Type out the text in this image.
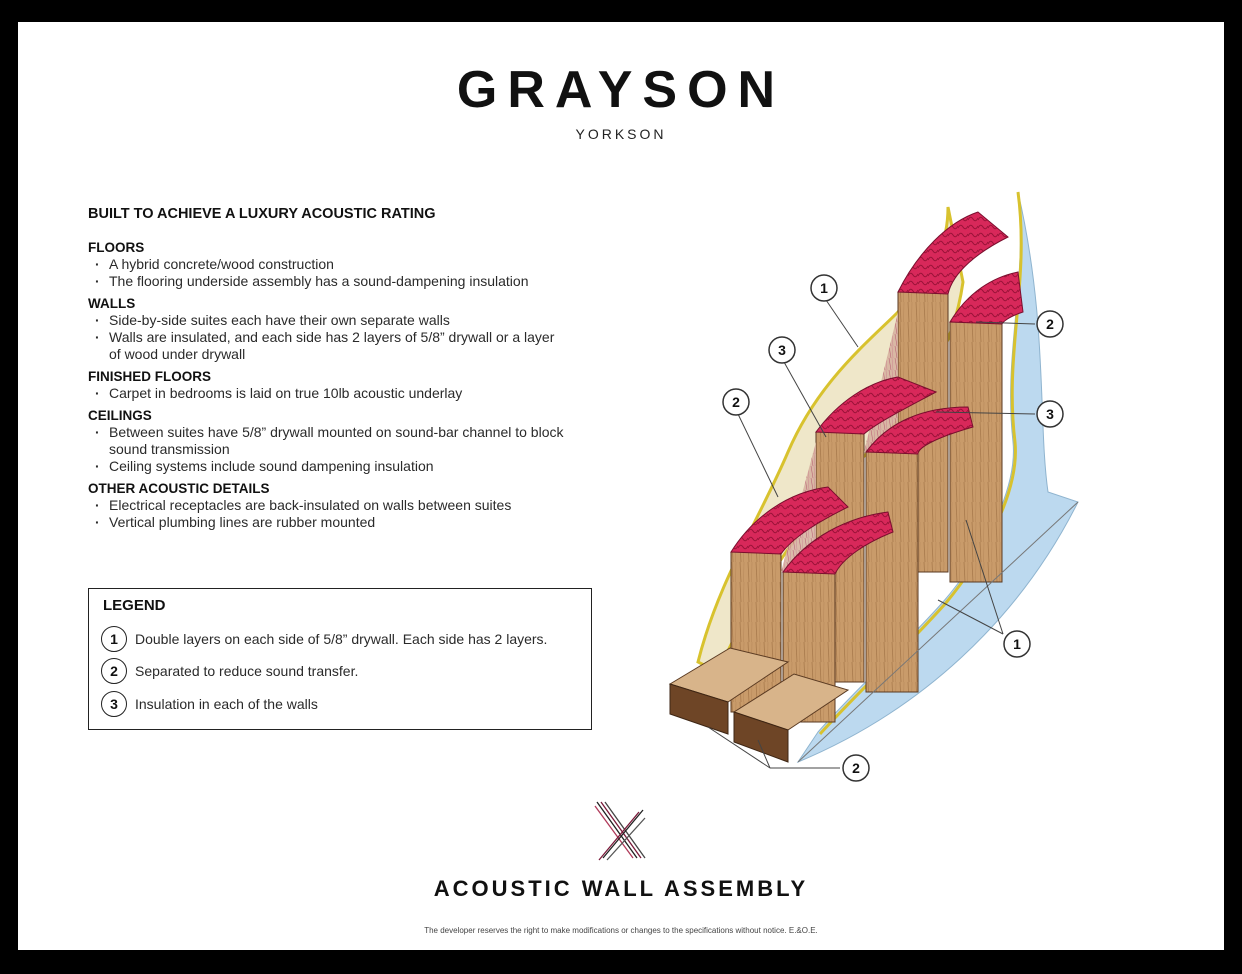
GRAYSON
YORKSON
BUILT TO ACHIEVE A LUXURY ACOUSTIC RATING
FLOORS
· A hybrid concrete/wood construction
· The flooring underside assembly has a sound-dampening insulation
WALLS
· Side-by-side suites each have their own separate walls
· Walls are insulated, and each side has 2 layers of 5/8” drywall or a layer of wood under drywall
FINISHED FLOORS
· Carpet in bedrooms is laid on true 10lb acoustic underlay
CEILINGS
· Between suites have 5/8” drywall mounted on sound-bar channel to block sound transmission
· Ceiling systems include sound dampening insulation
OTHER ACOUSTIC DETAILS
· Electrical receptacles are back-insulated on walls between suites
· Vertical plumbing lines are rubber mounted
LEGEND
1	Double layers on each side of 5/8” drywall. Each side has 2 layers.
2	Separated to reduce sound transfer.
3	Insulation in each of the walls
1
2
3
2
3
1
2
ACOUSTIC WALL ASSEMBLY
The developer reserves the right to make modifications or changes to the specifications without notice. E.&O.E.
